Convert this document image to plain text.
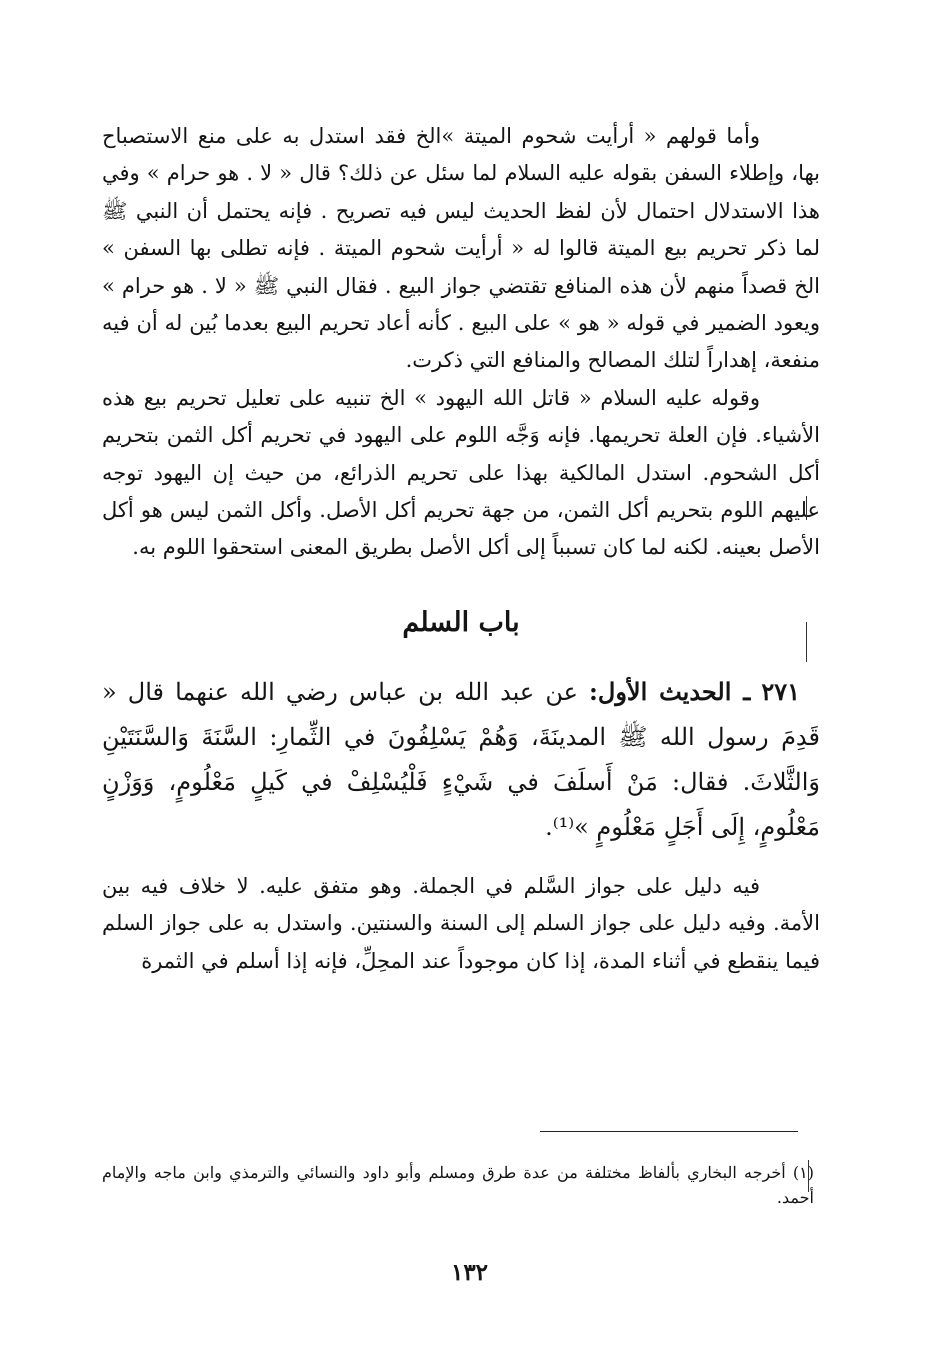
وأما قولهم « أرأيت شحوم الميتة »الخ فقد استدل به على منع الاستصباح بها، وإطلاء السفن بقوله عليه السلام لما سئل عن ذلك؟ قال « لا . هو حرام » وفي هذا الاستدلال احتمال لأن لفظ الحديث ليس فيه تصريح . فإنه يحتمل أن النبي ﷺ لما ذكر تحريم بيع الميتة قالوا له « أرأيت شحوم الميتة . فإنه تطلى بها السفن » الخ قصداً منهم لأن هذه المنافع تقتضي جواز البيع . فقال النبي ﷺ « لا . هو حرام » ويعود الضمير في قوله « هو » على البيع . كأنه أعاد تحريم البيع بعدما بُين له أن فيه منفعة، إهداراً لتلك المصالح والمنافع التي ذكرت.

وقوله عليه السلام « قاتل الله اليهود » الخ تنبيه على تعليل تحريم بيع هذه الأشياء. فإن العلة تحريمها. فإنه وَجَّه اللوم على اليهود في تحريم أكل الثمن بتحريم أكل الشحوم. استدل المالكية بهذا على تحريم الذرائع، من حيث إن اليهود توجه عليهم اللوم بتحريم أكل الثمن، من جهة تحريم أكل الأصل. وأكل الثمن ليس هو أكل الأصل بعينه. لكنه لما كان تسبباً إلى أكل الأصل بطريق المعنى استحقوا اللوم به.

باب السلم

٢٧١ ـ الحديث الأول: عن عبد الله بن عباس رضي الله عنهما قال « قَدِمَ رسول الله ﷺ المدينَةَ، وَهُمْ يَسْلِفُونَ في الثِّمارِ: السَّنَةَ وَالسَّنَتَيْنِ وَالثَّلاثَ. فقال: مَنْ أَسلَفَ في شَيْءٍ فَلْيُسْلِفْ في كَيلٍ مَعْلُومٍ، وَوَزْنٍ مَعْلُومٍ، إِلَى أَجَلٍ مَعْلُومٍ »⁽¹⁾.

فيه دليل على جواز السَّلم في الجملة. وهو متفق عليه. لا خلاف فيه بين الأمة. وفيه دليل على جواز السلم إلى السنة والسنتين. واستدل به على جواز السلم فيما ينقطع في أثناء المدة، إذا كان موجوداً عند المحِلِّ، فإنه إذا أسلم في الثمرة

(١) أخرجه البخاري بألفاظ مختلفة من عدة طرق ومسلم وأبو داود والنسائي والترمذي وابن ماجه والإمام أحمد.
١٣٢
